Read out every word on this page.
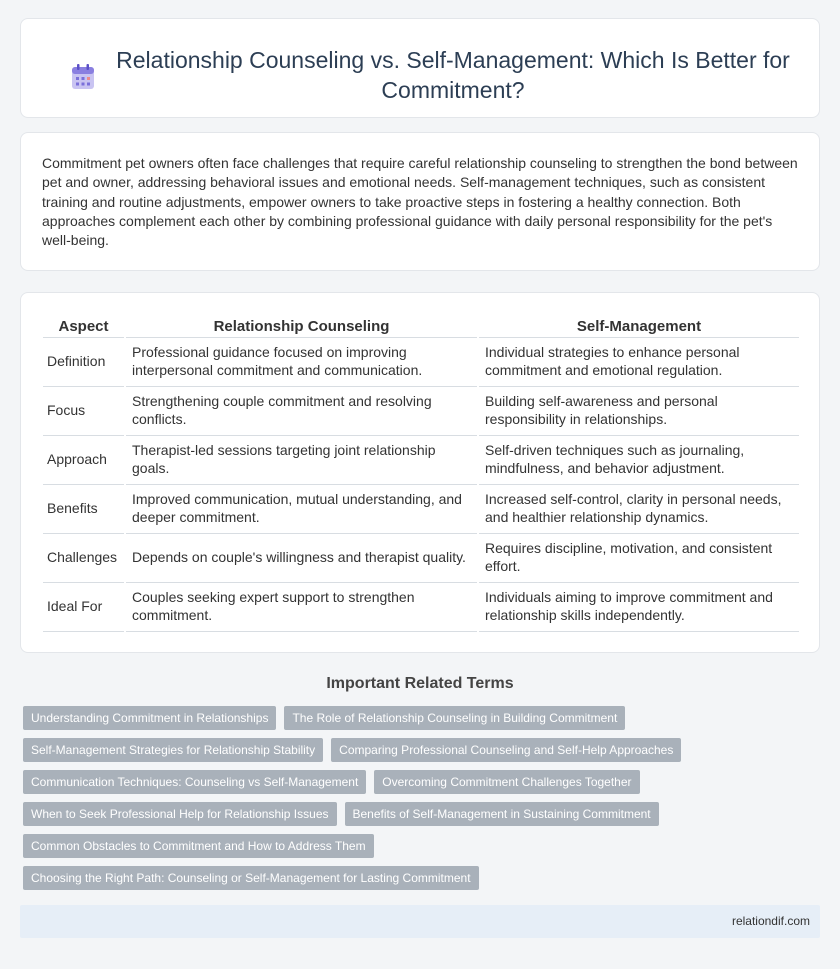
Relationship Counseling vs. Self-Management: Which Is Better for Commitment?

Commitment pet owners often face challenges that require careful relationship counseling to strengthen the bond between pet and owner, addressing behavioral issues and emotional needs. Self-management techniques, such as consistent training and routine adjustments, empower owners to take proactive steps in fostering a healthy connection. Both approaches complement each other by combining professional guidance with daily personal responsibility for the pet's well-being.

Aspect	Relationship Counseling	Self-Management
Definition	Professional guidance focused on improving interpersonal commitment and communication.	Individual strategies to enhance personal commitment and emotional regulation.
Focus	Strengthening couple commitment and resolving conflicts.	Building self-awareness and personal responsibility in relationships.
Approach	Therapist-led sessions targeting joint relationship goals.	Self-driven techniques such as journaling, mindfulness, and behavior adjustment.
Benefits	Improved communication, mutual understanding, and deeper commitment.	Increased self-control, clarity in personal needs, and healthier relationship dynamics.
Challenges	Depends on couple's willingness and therapist quality.	Requires discipline, motivation, and consistent effort.
Ideal For	Couples seeking expert support to strengthen commitment.	Individuals aiming to improve commitment and relationship skills independently.
Important Related Terms
Understanding Commitment in Relationships	The Role of Relationship Counseling in Building Commitment
Self-Management Strategies for Relationship Stability	Comparing Professional Counseling and Self-Help Approaches
Communication Techniques: Counseling vs Self-Management	Overcoming Commitment Challenges Together
When to Seek Professional Help for Relationship Issues	Benefits of Self-Management in Sustaining Commitment
Common Obstacles to Commitment and How to Address Them
Choosing the Right Path: Counseling or Self-Management for Lasting Commitment
relationdif.com
